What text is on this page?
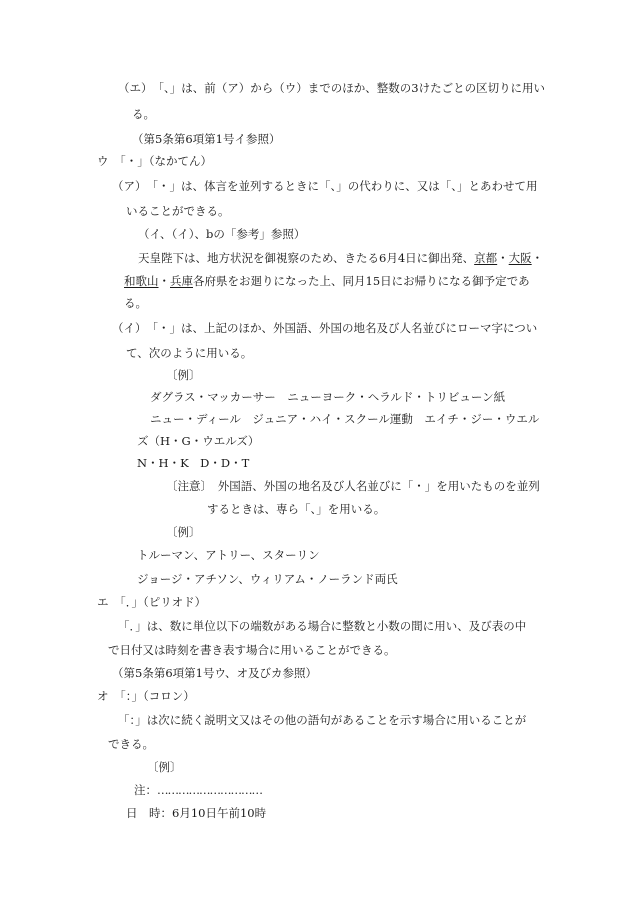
（エ）　「、」は、前（ア）から（ウ）までのほか、整数の3けたごとの区切りに用い
る。
（第5条第6項第1号イ参照）
ウ　「・」（なかてん）
（ア）　「・」は、体言を並列するときに「、」の代わりに、又は「、」とあわせて用
いることができる。
（イ、（イ）、bの「参考」参照）
天皇陛下は、地方状況を御視察のため、きたる6月4日に御出発、京都・大阪・
和歌山・兵庫各府県をお廻りになった上、同月15日にお帰りになる御予定であ
る。
（イ）　「・」は、上記のほか、外国語、外国の地名及び人名並びにローマ字につい
て、次のように用いる。
〔例〕
ダグラス・マッカーサー　ニューヨーク・ヘラルド・トリビューン紙
ニュー・ディール　ジュニア・ハイ・スクール運動　エイチ・ジー・ウエル
ズ（H・G・ウエルズ）
N・H・K　D・D・T
〔注意〕　外国語、外国の地名及び人名並びに「・」を用いたものを並列
するときは、専ら「、」を用いる。
〔例〕
トルーマン、アトリー、スターリン
ジョージ・アチソン、ウィリアム・ノーランド両氏
エ　「．」（ピリオド）
「．」は、数に単位以下の端数がある場合に整数と小数の間に用い、及び表の中
で日付又は時刻を書き表す場合に用いることができる。
（第5条第6項第1号ウ、オ及びカ参照）
オ　「：」（コロン）
「：」は次に続く説明文又はその他の語句があることを示す場合に用いることが
できる。
〔例〕
注：…………………………
日　時：6月10日午前10時
